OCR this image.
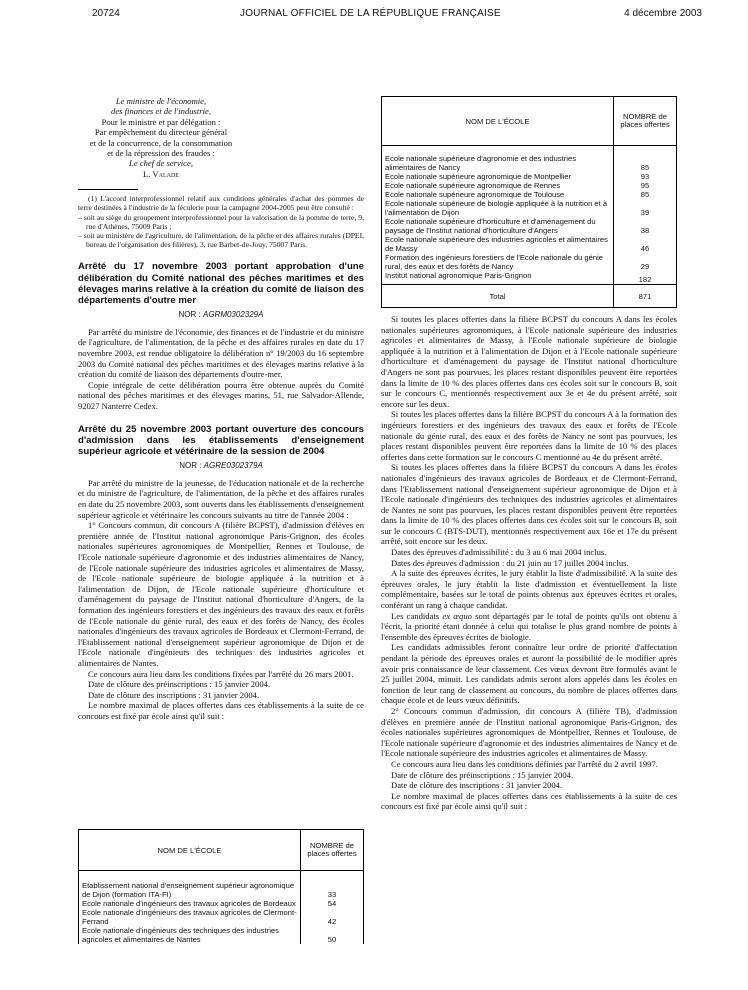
20724	JOURNAL OFFICIEL DE LA RÉPUBLIQUE FRANÇAISE	4 décembre 2003
Le ministre de l'économie,
des finances et de l'industrie,
Pour le ministre et par délégation :
Par empêchement du directeur général
et de la concurrence, de la consommation
et de la répression des fraudes :
Le chef de service,
L. Valade

(1) L'accord interprofessionnel relatif aux conditions générales d'achat des pommes de terre destinées à l'industrie de la féculerie pour la campagne 2004-2005 peut être consulté :

– soit au siège du groupement interprofessionnel pour la valorisation de la pomme de terre, 9, rue d'Athènes, 75009 Paris ;

– soit au ministère de l'agriculture, de l'alimentation, de la pêche et des affaires rurales (DPEI, bureau de l'organisation des filières), 3, rue Barbet-de-Jouy, 75007 Paris.

Arrêté du 17 novembre 2003 portant approbation d'une délibération du Comité national des pêches maritimes et des élevages marins relative à la création du comité de liaison des départements d'outre mer
NOR : AGRM0302329A

Par arrêté du ministre de l'économie, des finances et de l'industrie et du ministre de l'agriculture, de l'alimentation, de la pêche et des affaires rurales en date du 17 novembre 2003, est rendue obligatoire la délibération n° 19/2003 du 16 septembre 2003 du Comité national des pêches maritimes et des élevages marins relative à la création du comité de liaison des départements d'outre-mer.

Copie intégrale de cette délibération pourra être obtenue auprès du Comité national des pêches maritimes et des élevages marins, 51, rue Salvador-Allende, 92027 Nanterre Cedex.

Arrêté du 25 novembre 2003 portant ouverture des concours d'admission dans les établissements d'enseignement supérieur agricole et vétérinaire de la session de 2004
NOR : AGRE0302379A

Par arrêté du ministre de la jeunesse, de l'éducation nationale et de la recherche et du ministre de l'agriculture, de l'alimentation, de la pêche et des affaires rurales en date du 25 novembre 2003, sont ouverts dans les établissements d'enseignement supérieur agricole et vétérinaire les concours suivants au titre de l'année 2004 :

1° Concours commun, dit concours A (filière BCPST), d'admission d'élèves en première année de l'Institut national agronomique Paris-Grignon, des écoles nationales supérieures agronomiques de Montpellier, Rennes et Toulouse, de l'Ecole nationale supérieure d'agronomie et des industries alimentaires de Nancy, de l'Ecole nationale supérieure des industries agricoles et alimentaires de Massy, de l'Ecole nationale supérieure de biologie appliquée à la nutrition et à l'alimentation de Dijon, de l'Ecole nationale supérieure d'horticulture et d'aménagement du paysage de l'Institut national d'horticulture d'Angers, de la formation des ingénieurs forestiers et des ingénieurs des travaux des eaux et forêts de l'Ecole nationale du génie rural, des eaux et des forêts de Nancy, des écoles nationales d'ingénieurs des travaux agricoles de Bordeaux et Clermont-Ferrand, de l'Etablissement national d'enseignement supérieur agronomique de Dijon et de l'Ecole nationale d'ingénieurs des techniques des industries agricoles et alimentaires de Nantes.

Ce concours aura lieu dans les conditions fixées par l'arrêté du 26 mars 2001.

Date de clôture des préinscriptions : 15 janvier 2004.

Date de clôture des inscriptions : 31 janvier 2004.

Le nombre maximal de places offertes dans ces établissements à la suite de ce concours est fixé par école ainsi qu'il suit :

NOM DE L'ÉCOLE	NOMBRE de places offertes
Etablissement national d'enseignement supérieur agronomique de Dijon (formation ITA-FI)	33
Ecole nationale d'ingénieurs des travaux agricoles de Bordeaux	54
Ecole nationale d'ingénieurs des travaux agricoles de Clermont-Ferrand	42
Ecole nationale d'ingénieurs des techniques des industries agricoles et alimentaires de Nantes	50
NOM DE L'ÉCOLE	NOMBRE de places offertes
Ecole nationale supérieure d'agronomie et des industries alimentaires de Nancy	85
Ecole nationale supérieure agronomique de Montpellier	93
Ecole nationale supérieure agronomique de Rennes	95
Ecole nationale supérieure agronomique de Toulouse	85
Ecole nationale supérieure de biologie appliquée à la nutrition et à l'alimentation de Dijon	39
Ecole nationale supérieure d'horticulture et d'aménagement du paysage de l'Institut national d'horticulture d'Angers	38
Ecole nationale supérieure des industries agricoles et alimentaires de Massy	46
Formation des ingénieurs forestiers de l'Ecole nationale du génie rural, des eaux et des forêts de Nancy	29
Institut national agronomique Paris-Grignon	182
Total	871

Si toutes les places offertes dans la filière BCPST du concours A dans les écoles nationales supérieures agronomiques, à l'Ecole nationale supérieure des industries agricoles et alimentaires de Massy, à l'Ecole nationale supérieure de biologie appliquée à la nutrition et à l'alimentation de Dijon et à l'Ecole nationale supérieure d'horticulture et d'aménagement du paysage de l'Institut national d'horticulture d'Angers ne sont pas pourvues, les places restant disponibles peuvent être reportées dans la limite de 10 % des places offertes dans ces écoles soit sur le concours B, soit sur le concours C, mentionnés respectivement aux 3e et 4e du présent arrêté, soit encore sur les deux.

Si toutes les places offertes dans la filière BCPST du concours A à la formation des ingénieurs forestiers et des ingénieurs des travaux des eaux et forêts de l'Ecole nationale du génie rural, des eaux et des forêts de Nancy ne sont pas pourvues, les places restant disponibles peuvent être reportées dans la limite de 10 % des places offertes dans cette formation sur le concours C mentionné au 4e du présent arrêté.

Si toutes les places offertes dans la filière BCPST du concours A dans les écoles nationales d'ingénieurs des travaux agricoles de Bordeaux et de Clermont-Ferrand, dans l'Etablissement national d'enseignement supérieur agronomique de Dijon et à l'Ecole nationale d'ingénieurs des techniques des industries agricoles et alimentaires de Nantes ne sont pas pourvues, les places restant disponibles peuvent être reportées dans la limite de 10 % des places offertes dans ces écoles soit sur le concours B, soit sur le concours C (BTS-DUT), mentionnés respectivement aux 16e et 17e du présent arrêté, soit encore sur les deux.

Dates des épreuves d'admissibilité : du 3 au 6 mai 2004 inclus.

Dates des épreuves d'admission : du 21 juin au 17 juillet 2004 inclus.

A la suite des épreuves écrites, le jury établit la liste d'admissibilité. A la suite des épreuves orales, le jury établit la liste d'admission et éventuellement la liste complémentaire, basées sur le total de points obtenus aux épreuves écrites et orales, conférant un rang à chaque candidat.

Les candidats ex æquo sont départagés par le total de points qu'ils ont obtenu à l'écrit, la priorité étant donnée à celui qui totalise le plus grand nombre de points à l'ensemble des épreuves écrites de biologie.

Les candidats admissibles feront connaître leur ordre de priorité d'affectation pendant la période des épreuves orales et auront la possibilité de le modifier après avoir pris connaissance de leur classement. Ces vœux devront être formulés avant le 25 juillet 2004, minuit. Les candidats admis seront alors appelés dans les écoles en fonction de leur rang de classement au concours, du nombre de places offertes dans chaque école et de leurs vœux définitifs.

2° Concours commun d'admission, dit concours A (filière TB), d'admission d'élèves en première année de l'Institut national agronomique Paris-Grignon, des écoles nationales supérieures agronomiques de Montpellier, Rennes et Toulouse, de l'Ecole nationale supérieure d'agronomie et des industries alimentaires de Nancy et de l'Ecole nationale supérieure des industries agricoles et alimentaires de Massy.

Ce concours aura lieu dans les conditions définies par l'arrêté du 2 avril 1997.

Date de clôture des préinscriptions : 15 janvier 2004.

Date de clôture des inscriptions : 31 janvier 2004.

Le nombre maximal de places offertes dans ces établissements à la suite de ces concours est fixé par école ainsi qu'il suit :
